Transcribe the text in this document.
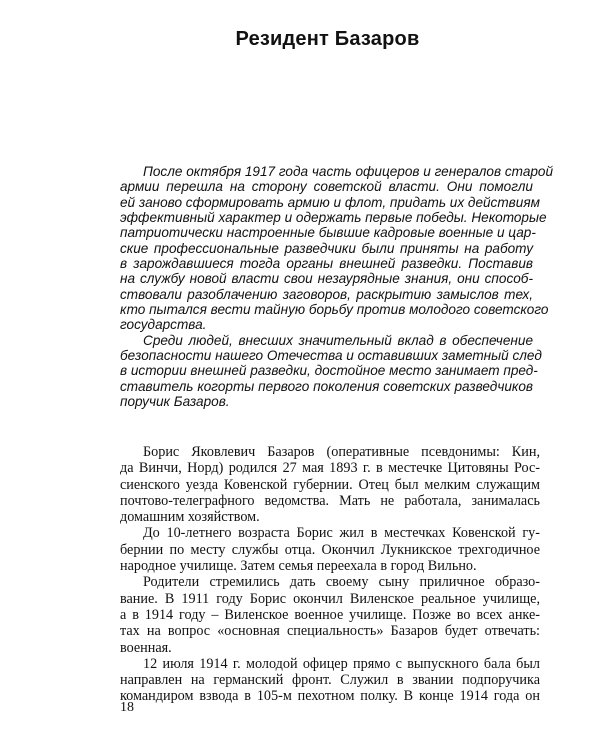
Резидент Базаров
После октября 1917 года часть офицеров и генералов старой
армии перешла на сторону советской власти. Они помогли
ей заново сформировать армию и флот, придать их действиям
эффективный характер и одержать первые победы. Некоторые
патриотически настроенные бывшие кадровые военные и цар-
ские профессиональные разведчики были приняты на работу
в зарождавшиеся тогда органы внешней разведки. Поставив
на службу новой власти свои незаурядные знания, они способ-
ствовали разоблачению заговоров, раскрытию замыслов тех,
кто пытался вести тайную борьбу против молодого советского
государства.
Среди людей, внесших значительный вклад в обеспечение
безопасности нашего Отечества и оставивших заметный след
в истории внешней разведки, достойное место занимает пред-
ставитель когорты первого поколения советских разведчиков
поручик Базаров.
Борис Яковлевич Базаров (оперативные псевдонимы: Кин,
да Винчи, Норд) родился 27 мая 1893 г. в местечке Цитовяны Рос-
сиенского уезда Ковенской губернии. Отец был мелким служащим
почтово-телеграфного ведомства. Мать не работала, занималась
домашним хозяйством.
До 10-летнего возраста Борис жил в местечках Ковенской гу-
бернии по месту службы отца. Окончил Лукникское трехгодичное
народное училище. Затем семья переехала в город Вильно.
Родители стремились дать своему сыну приличное образо-
вание. В 1911 году Борис окончил Виленское реальное училище,
а в 1914 году – Виленское военное училище. Позже во всех анке-
тах на вопрос «основная специальность» Базаров будет отвечать:
военная.
12 июля 1914 г. молодой офицер прямо с выпускного бала был
направлен на германский фронт. Служил в звании подпоручика
командиром взвода в 105-м пехотном полку. В конце 1914 года он
18
